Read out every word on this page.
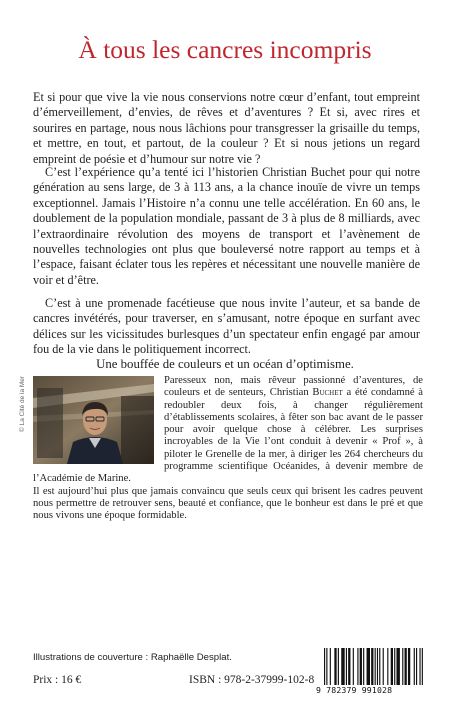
À tous les cancres incompris

Et si pour que vive la vie nous conservions notre cœur d’enfant, tout empreint d’émerveillement, d’envies, de rêves et d’aventures ? Et si, avec rires et sourires en partage, nous nous lâchions pour transgresser la grisaille du temps, et mettre, en tout, et partout, de la couleur ? Et si nous jetions un regard empreint de poésie et d’humour sur notre vie ?

C’est l’expérience qu’a tenté ici l’historien Christian Buchet pour qui notre génération au sens large, de 3 à 113 ans, a la chance inouïe de vivre un temps exceptionnel. Jamais l’Histoire n’a connu une telle accélération. En 60 ans, le doublement de la population mondiale, passant de 3 à plus de 8 milliards, avec l’extraordinaire révolution des moyens de transport et l’avènement de nouvelles technologies ont plus que bouleversé notre rapport au temps et à l’espace, faisant éclater tous les repères et nécessitant une nouvelle manière de voir et d’être.

C’est à une promenade facétieuse que nous invite l’auteur, et sa bande de cancres invétérés, pour traverser, en s’amusant, notre époque en surfant avec délices sur les vicissitudes burlesques d’un spectateur enfin engagé par amour fou de la vie dans le politiquement incorrect.

Une bouffée de couleurs et un océan d’optimisme.
© La Cité de la Mer	Paresseux non, mais rêveur passionné d’aventures, de couleurs et de senteurs, Christian Buchet a été condamné à redoubler deux fois, à changer régulièrement d’établissements scolaires, à fêter son bac avant de le passer pour avoir quelque chose à célébrer. Les surprises incroyables de la Vie l’ont conduit à devenir « Prof », à piloter le Grenelle de la mer, à diriger les 264 chercheurs du programme scientifique Océanides, à devenir membre de l’Académie de Marine.

Il est aujourd’hui plus que jamais convaincu que seuls ceux qui brisent les cadres peuvent nous permettre de retrouver sens, beauté et confiance, que le bonheur est dans le pré et que nous vivons une époque formidable.

Illustrations de couverture : Raphaëlle Desplat.
Prix : 16 €	ISBN : 978-2-37999-102-8
9 782379 991028
